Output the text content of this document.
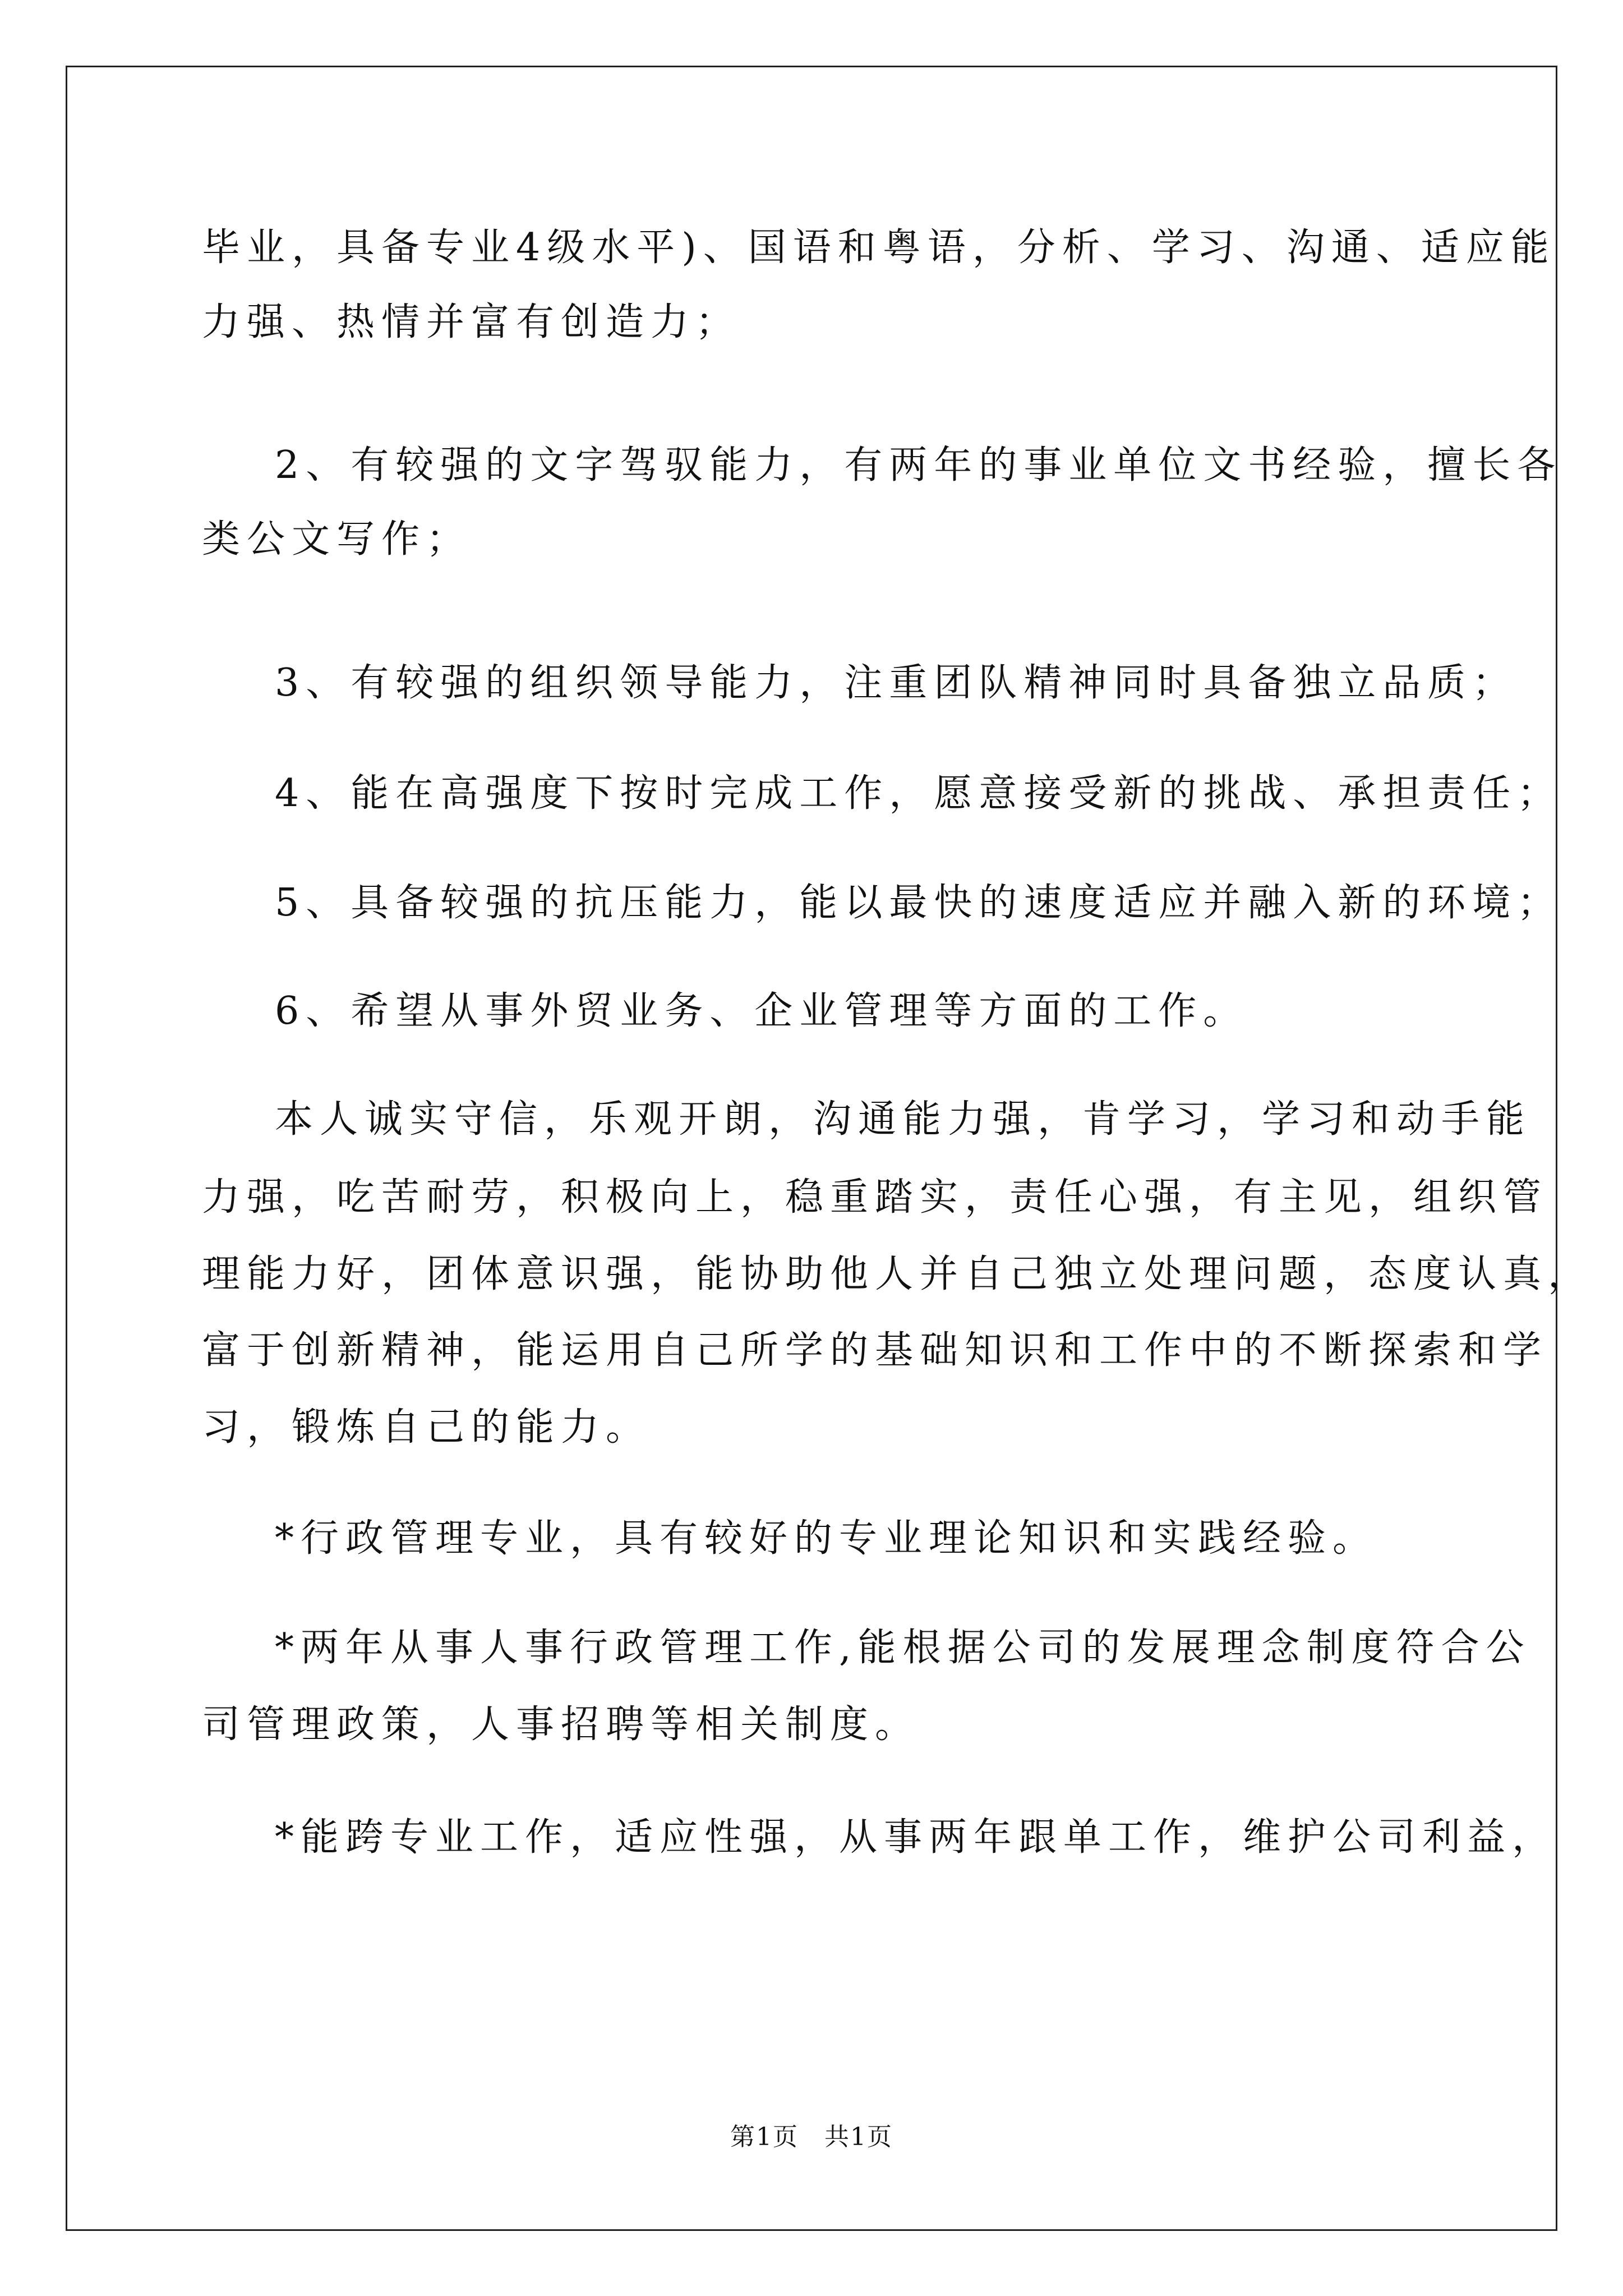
毕业，具备专业4级水平)、国语和粤语，分析、学习、沟通、适应能
力强、热情并富有创造力；
2、有较强的文字驾驭能力，有两年的事业单位文书经验，擅长各
类公文写作；
3、有较强的组织领导能力，注重团队精神同时具备独立品质；
4、能在高强度下按时完成工作，愿意接受新的挑战、承担责任；
5、具备较强的抗压能力，能以最快的速度适应并融入新的环境；
6、希望从事外贸业务、企业管理等方面的工作。
本人诚实守信，乐观开朗，沟通能力强，肯学习，学习和动手能
力强，吃苦耐劳，积极向上，稳重踏实，责任心强，有主见，组织管
理能力好，团体意识强，能协助他人并自己独立处理问题，态度认真，
富于创新精神，能运用自己所学的基础知识和工作中的不断探索和学
习，锻炼自己的能力。
*行政管理专业，具有较好的专业理论知识和实践经验。
*两年从事人事行政管理工作,能根据公司的发展理念制度符合公
司管理政策，人事招聘等相关制度。
*能跨专业工作，适应性强，从事两年跟单工作，维护公司利益，
第1页　共1页
